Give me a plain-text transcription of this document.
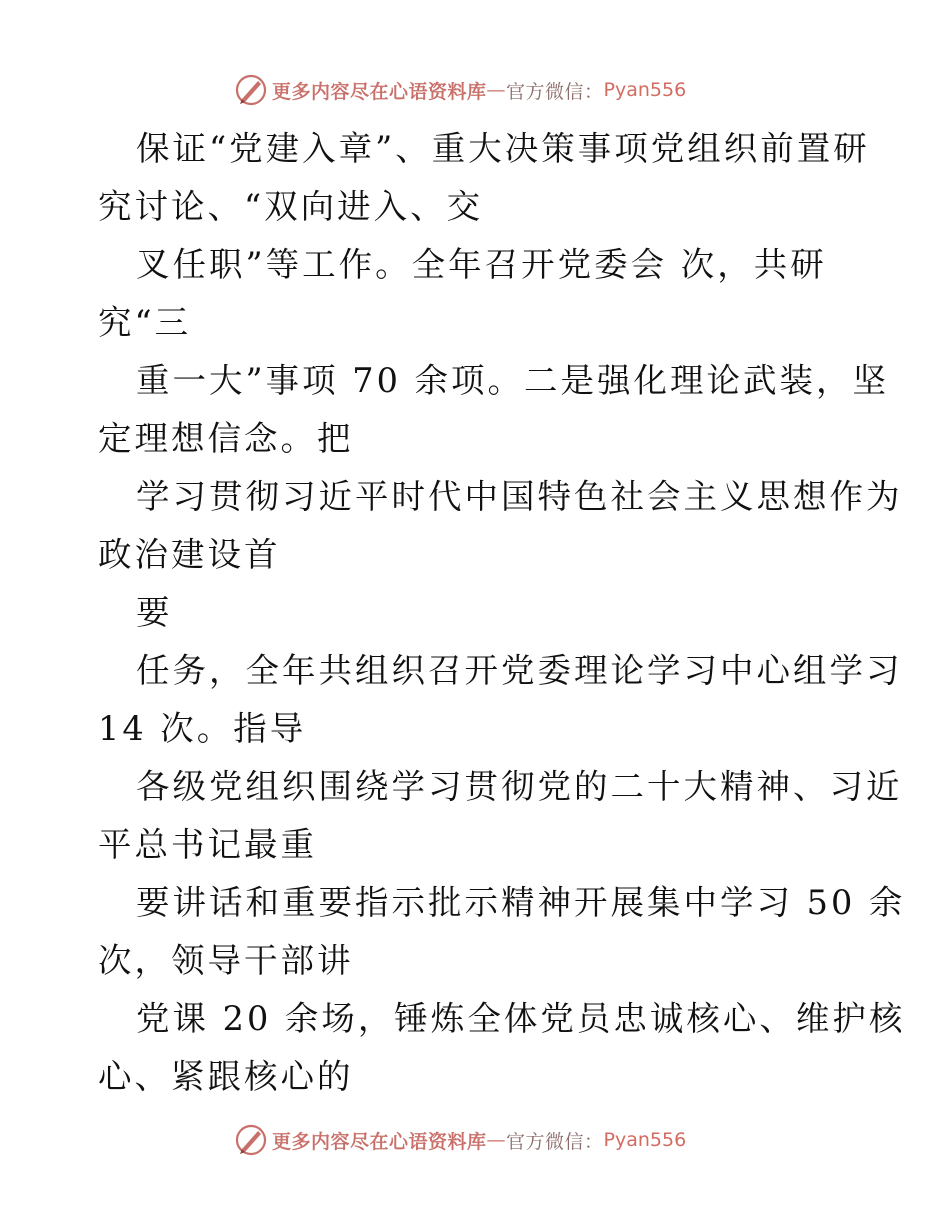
更多内容尽在心语资料库 — 官方微信： Pyan556
保证“党建入章”、重大决策事项党组织前置研
究讨论、“双向进入、交
叉任职”等工作。全年召开党委会 次，共研
究“三
重一大”事项 70 余项。二是强化理论武装，坚
定理想信念。把
学习贯彻习近平时代中国特色社会主义思想作为
政治建设首
要
任务，全年共组织召开党委理论学习中心组学习
14 次。指导
各级党组织围绕学习贯彻党的二十大精神、习近
平总书记最重
要讲话和重要指示批示精神开展集中学习 50 余
次，领导干部讲
党课 20 余场，锤炼全体党员忠诚核心、维护核
心、紧跟核心的
更多内容尽在心语资料库 — 官方微信： Pyan556
